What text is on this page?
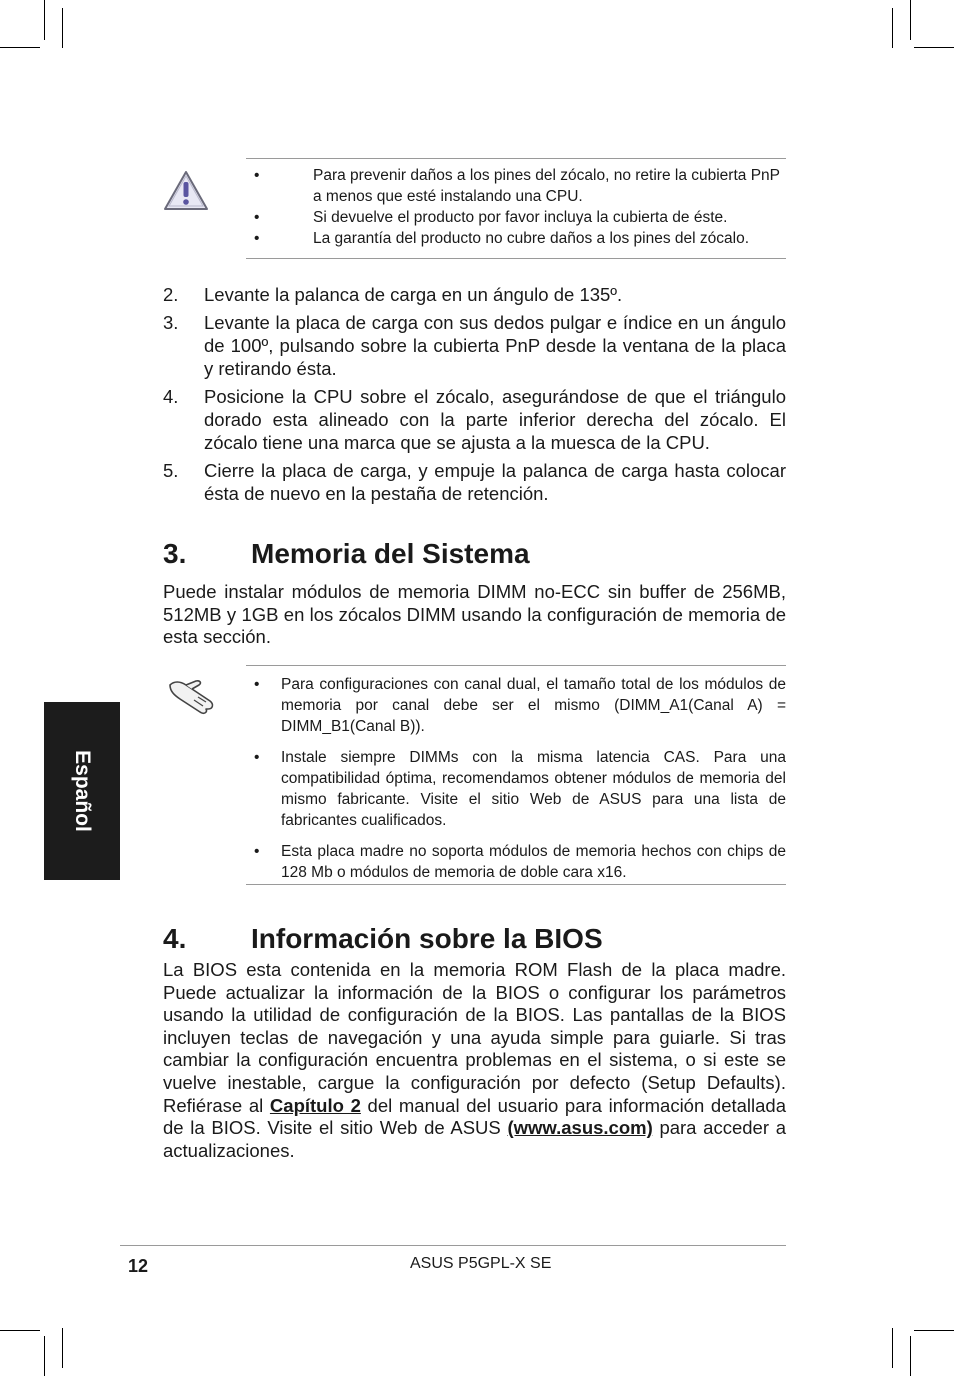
•	Para prevenir daños a los pines del zócalo, no retire la cubierta PnP a menos que esté instalando una CPU.
•	Si devuelve el producto por favor incluya la cubierta de éste.
•	La garantía del producto no cubre daños a los pines del zócalo.
2. Levante la palanca de carga en un ángulo de 135º.
3. Levante la placa de carga con sus dedos pulgar e índice en un ángulo de 100º, pulsando sobre la cubierta PnP desde la ventana de la placa y retirando ésta.
4. Posicione la CPU sobre el zócalo, asegurándose de que el triángulo dorado esta alineado con la parte inferior derecha del zócalo. El zócalo tiene una marca que se ajusta a la muesca de la CPU.
5. Cierre la placa de carga, y empuje la palanca de carga hasta colocar ésta de nuevo en la pestaña de retención.
3. Memoria del Sistema

Puede instalar módulos de memoria DIMM no-ECC sin buffer de 256MB, 512MB y 1GB en los zócalos DIMM usando la configuración de memoria de esta sección.

• Para configuraciones con canal dual, el tamaño total de los módulos de memoria por canal debe ser el mismo (DIMM_A1(Canal A) = DIMM_B1(Canal B)).
• Instale siempre DIMMs con la misma latencia CAS. Para una compatibilidad óptima, recomendamos obtener módulos de memoria del mismo fabricante. Visite el sitio Web de ASUS para una lista de fabricantes cualificados.
• Esta placa madre no soporta módulos de memoria hechos con chips de 128 Mb o módulos de memoria de doble cara x16.
4. Información sobre la BIOS

La BIOS esta contenida en la memoria ROM Flash de la placa madre. Puede actualizar la información de la BIOS o configurar los parámetros usando la utilidad de configuración de la BIOS. Las pantallas de la BIOS incluyen teclas de navegación y una ayuda simple para guiarle. Si tras cambiar la configuración encuentra problemas en el sistema, o si este se vuelve inestable, cargue la configuración por defecto (Setup Defaults). Refiérase al Capítulo 2 del manual del usuario para información detallada de la BIOS. Visite el sitio Web de ASUS (www.asus.com) para acceder a actualizaciones.

Español
12	ASUS P5GPL-X SE
